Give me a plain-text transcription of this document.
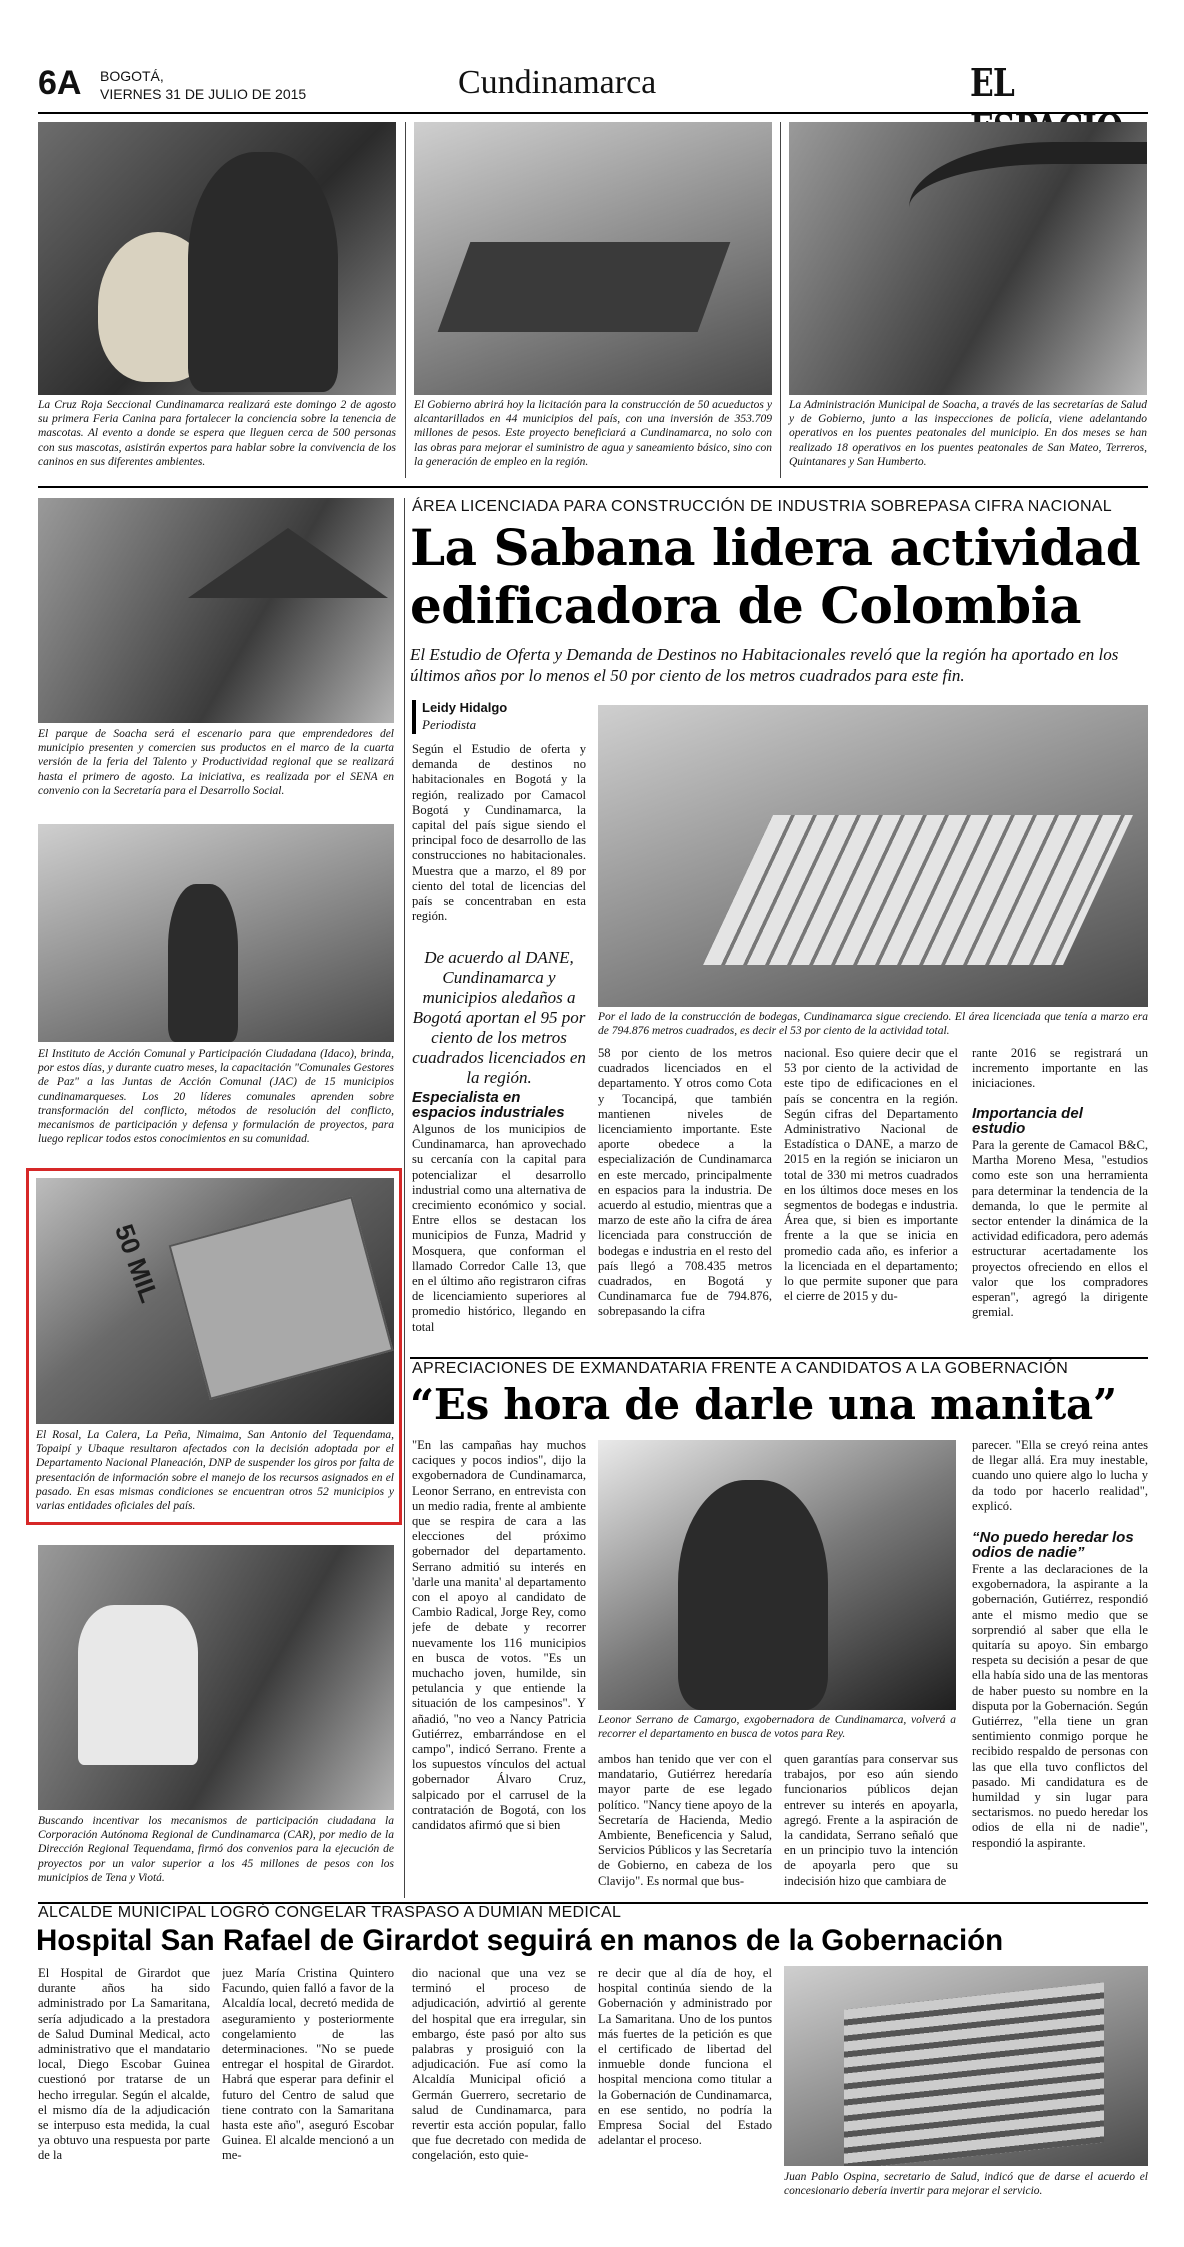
6A BOGOTÁ,
VIERNES 31 DE JULIO DE 2015	Cundinamarca	EL
La Cruz Roja Seccional Cundinamarca realizará este domingo 2 de agosto su primera Feria Canina para fortalecer la conciencia sobre la tenencia de mascotas. Al evento a donde se espera que lleguen cerca de 500 personas con sus mascotas, asistirán expertos para hablar sobre la convivencia de los caninos en sus diferentes ambientes.
El Gobierno abrirá hoy la licitación para la construcción de 50 acueductos y alcantarillados en 44 municipios del país, con una inversión de 353.709 millones de pesos. Este proyecto beneficiará a Cundinamarca, no solo con las obras para mejorar el suministro de agua y saneamiento básico, sino con la generación de empleo en la región.
La Administración Municipal de Soacha, a través de las secretarías de Salud y de Gobierno, junto a las inspecciones de policía, viene adelantando operativos en los puentes peatonales del municipio. En dos meses se han realizado 18 operativos en los puentes peatonales de San Mateo, Terreros, Quintanares y San Humberto.
El parque de Soacha será el escenario para que emprendedores del municipio presenten y comercien sus productos en el marco de la cuarta versión de la feria del Talento y Productividad regional que se realizará hasta el primero de agosto. La iniciativa, es realizada por el SENA en convenio con la Secretaría para el Desarrollo Social.
El Instituto de Acción Comunal y Participación Ciudadana (Idaco), brinda, por estos días, y durante cuatro meses, la capacitación "Comunales Gestores de Paz" a las Juntas de Acción Comunal (JAC) de 15 municipios cundinamarqueses. Los 20 líderes comunales aprenden sobre transformación del conflicto, métodos de resolución del conflicto, mecanismos de participación y defensa y formulación de proyectos, para luego replicar todos estos conocimientos en su comunidad.
50 MIL
El Rosal, La Calera, La Peña, Nimaima, San Antonio del Tequendama, Topaipí y Ubaque resultaron afectados con la decisión adoptada por el Departamento Nacional Planeación, DNP de suspender los giros por falta de presentación de información sobre el manejo de los recursos asignados en el pasado. En esas mismas condiciones se encuentran otros 52 municipios y varias entidades oficiales del país.
Buscando incentivar los mecanismos de participación ciudadana la Corporación Autónoma Regional de Cundinamarca (CAR), por medio de la Dirección Regional Tequendama, firmó dos convenios para la ejecución de proyectos por un valor superior a los 45 millones de pesos con los municipios de Tena y Viotá.
ÁREA LICENCIADA PARA CONSTRUCCIÓN DE INDUSTRIA SOBREPASA CIFRA NACIONAL
La Sabana lidera actividad
edificadora de Colombia
El Estudio de Oferta y Demanda de Destinos no Habitacionales reveló que la región ha aportado en los últimos años por lo menos el 50 por ciento de los metros cuadrados para este fin.
Leidy Hidalgo
Periodista
Según el Estudio de oferta y demanda de destinos no habitacionales en Bogotá y la región, realizado por Camacol Bogotá y Cundinamarca, la capital del país sigue siendo el principal foco de desarrollo de las construcciones no habitacionales. Muestra que a marzo, el 89 por ciento del total de licencias del país se concentraban en esta región.
De acuerdo al DANE, Cundinamarca y municipios aledaños a Bogotá aportan el 95 por ciento de los metros cuadrados licenciados en la región.
Especialista en espacios industriales
Algunos de los municipios de Cundinamarca, han aprovechado su cercanía con la capital para potencializar el desarrollo industrial como una alternativa de crecimiento económico y social. Entre ellos se destacan los municipios de Funza, Madrid y Mosquera, que conforman el llamado Corredor Calle 13, que en el último año registraron cifras de licenciamiento superiores al promedio histórico, llegando en total
Por el lado de la construcción de bodegas, Cundinamarca sigue creciendo. El área licenciada que tenía a marzo era de 794.876 metros cuadrados, es decir el 53 por ciento de la actividad total.
58 por ciento de los metros cuadrados licenciados en el departamento. Y otros como Cota y Tocancipá, que también mantienen niveles de licenciamiento importante. Este aporte obedece a la especialización de Cundinamarca en este mercado, principalmente en espacios para la industria. De acuerdo al estudio, mientras que a marzo de este año la cifra de área licenciada para construcción de bodegas e industria en el resto del país llegó a 708.435 metros cuadrados, en Bogotá y Cundinamarca fue de 794.876, sobrepasando la cifra
nacional. Eso quiere decir que el 53 por ciento de la actividad de este tipo de edificaciones en el país se concentra en la región. Según cifras del Departamento Administrativo Nacional de Estadística o DANE, a marzo de 2015 en la región se iniciaron un total de 330 mi metros cuadrados en los últimos doce meses en los segmentos de bodegas e industria. Área que, si bien es importante frente a la que se inicia en promedio cada año, es inferior a la licenciada en el departamento; lo que permite suponer que para el cierre de 2015 y du-
rante 2016 se registrará un incremento importante en las iniciaciones.
Importancia del estudio
Para la gerente de Camacol B&C, Martha Moreno Mesa, "estudios como este son una herramienta para determinar la tendencia de la demanda, lo que le permite al sector entender la dinámica de la actividad edificadora, pero además estructurar acertadamente los proyectos ofreciendo en ellos el valor que los compradores esperan", agregó la dirigente gremial.
APRECIACIONES DE EXMANDATARIA FRENTE A CANDIDATOS A LA GOBERNACIÓN
“Es hora de darle una manita”
"En las campañas hay muchos caciques y pocos indios", dijo la exgobernadora de Cundinamarca, Leonor Serrano, en entrevista con un medio radia, frente al ambiente que se respira de cara a las elecciones del próximo gobernador del departamento. Serrano admitió su interés en 'darle una manita' al departamento con el apoyo al candidato de Cambio Radical, Jorge Rey, como jefe de debate y recorrer nuevamente los 116 municipios en busca de votos. "Es un muchacho joven, humilde, sin petulancia y que entiende la situación de los campesinos". Y añadió, "no veo a Nancy Patricia Gutiérrez, embarrándose en el campo", indicó Serrano. Frente a los supuestos vínculos del actual gobernador Álvaro Cruz, salpicado por el carrusel de la contratación de Bogotá, con los candidatos afirmó que si bien
Leonor Serrano de Camargo, exgobernadora de Cundinamarca, volverá a recorrer el departamento en busca de votos para Rey.
ambos han tenido que ver con el mandatario, Gutiérrez heredaría mayor parte de ese legado político. "Nancy tiene apoyo de la Secretaría de Hacienda, Medio Ambiente, Beneficencia y Salud, Servicios Públicos y las Secretaría de Gobierno, en cabeza de los Clavijo". Es normal que bus-
quen garantías para conservar sus trabajos, por eso aún siendo funcionarios públicos dejan entrever su interés en apoyarla, agregó. Frente a la aspiración de la candidata, Serrano señaló que en un principio tuvo la intención de apoyarla pero que su indecisión hizo que cambiara de
parecer. "Ella se creyó reina antes de llegar allá. Era muy inestable, cuando uno quiere algo lo lucha y da todo por hacerlo realidad", explicó.
“No puedo heredar los odios de nadie”
Frente a las declaraciones de la exgobernadora, la aspirante a la gobernación, Gutiérrez, respondió ante el mismo medio que se sorprendió al saber que ella le quitaría su apoyo. Sin embargo respeta su decisión a pesar de que ella había sido una de las mentoras de haber puesto su nombre en la disputa por la Gobernación. Según Gutiérrez, "ella tiene un gran sentimiento conmigo porque he recibido respaldo de personas con las que ella tuvo conflictos del pasado. Mi candidatura es de humildad y sin lugar para sectarismos. no puedo heredar los odios de ella ni de nadie", respondió la aspirante.
ALCALDE MUNICIPAL LOGRÓ CONGELAR TRASPASO A DUMIAN MEDICAL
Hospital San Rafael de Girardot seguirá en manos de la Gobernación
El Hospital de Girardot que durante años ha sido administrado por La Samaritana, sería adjudicado a la prestadora de Salud Duminal Medical, acto administrativo que el mandatario local, Diego Escobar Guinea cuestionó por tratarse de un hecho irregular. Según el alcalde, el mismo día de la adjudicación se interpuso esta medida, la cual ya obtuvo una respuesta por parte de la
juez María Cristina Quintero Facundo, quien falló a favor de la Alcaldía local, decretó medida de aseguramiento y posteriormente congelamiento de las determinaciones. "No se puede entregar el hospital de Girardot. Habrá que esperar para definir el futuro del Centro de salud que tiene contrato con la Samaritana hasta este año", aseguró Escobar Guinea. El alcalde mencionó a un me-
dio nacional que una vez se terminó el proceso de adjudicación, advirtió al gerente del hospital que era irregular, sin embargo, éste pasó por alto sus palabras y prosiguió con la adjudicación. Fue así como la Alcaldía Municipal ofició a Germán Guerrero, secretario de salud de Cundinamarca, para revertir esta acción popular, fallo que fue decretado con medida de congelación, esto quie-
re decir que al día de hoy, el hospital continúa siendo de la Gobernación y administrado por La Samaritana. Uno de los puntos más fuertes de la petición es que el certificado de libertad del inmueble donde funciona el hospital menciona como titular a la Gobernación de Cundinamarca, en ese sentido, no podría la Empresa Social del Estado adelantar el proceso.
Juan Pablo Ospina, secretario de Salud, indicó que de darse el acuerdo el concesionario debería invertir para mejorar el servicio.
